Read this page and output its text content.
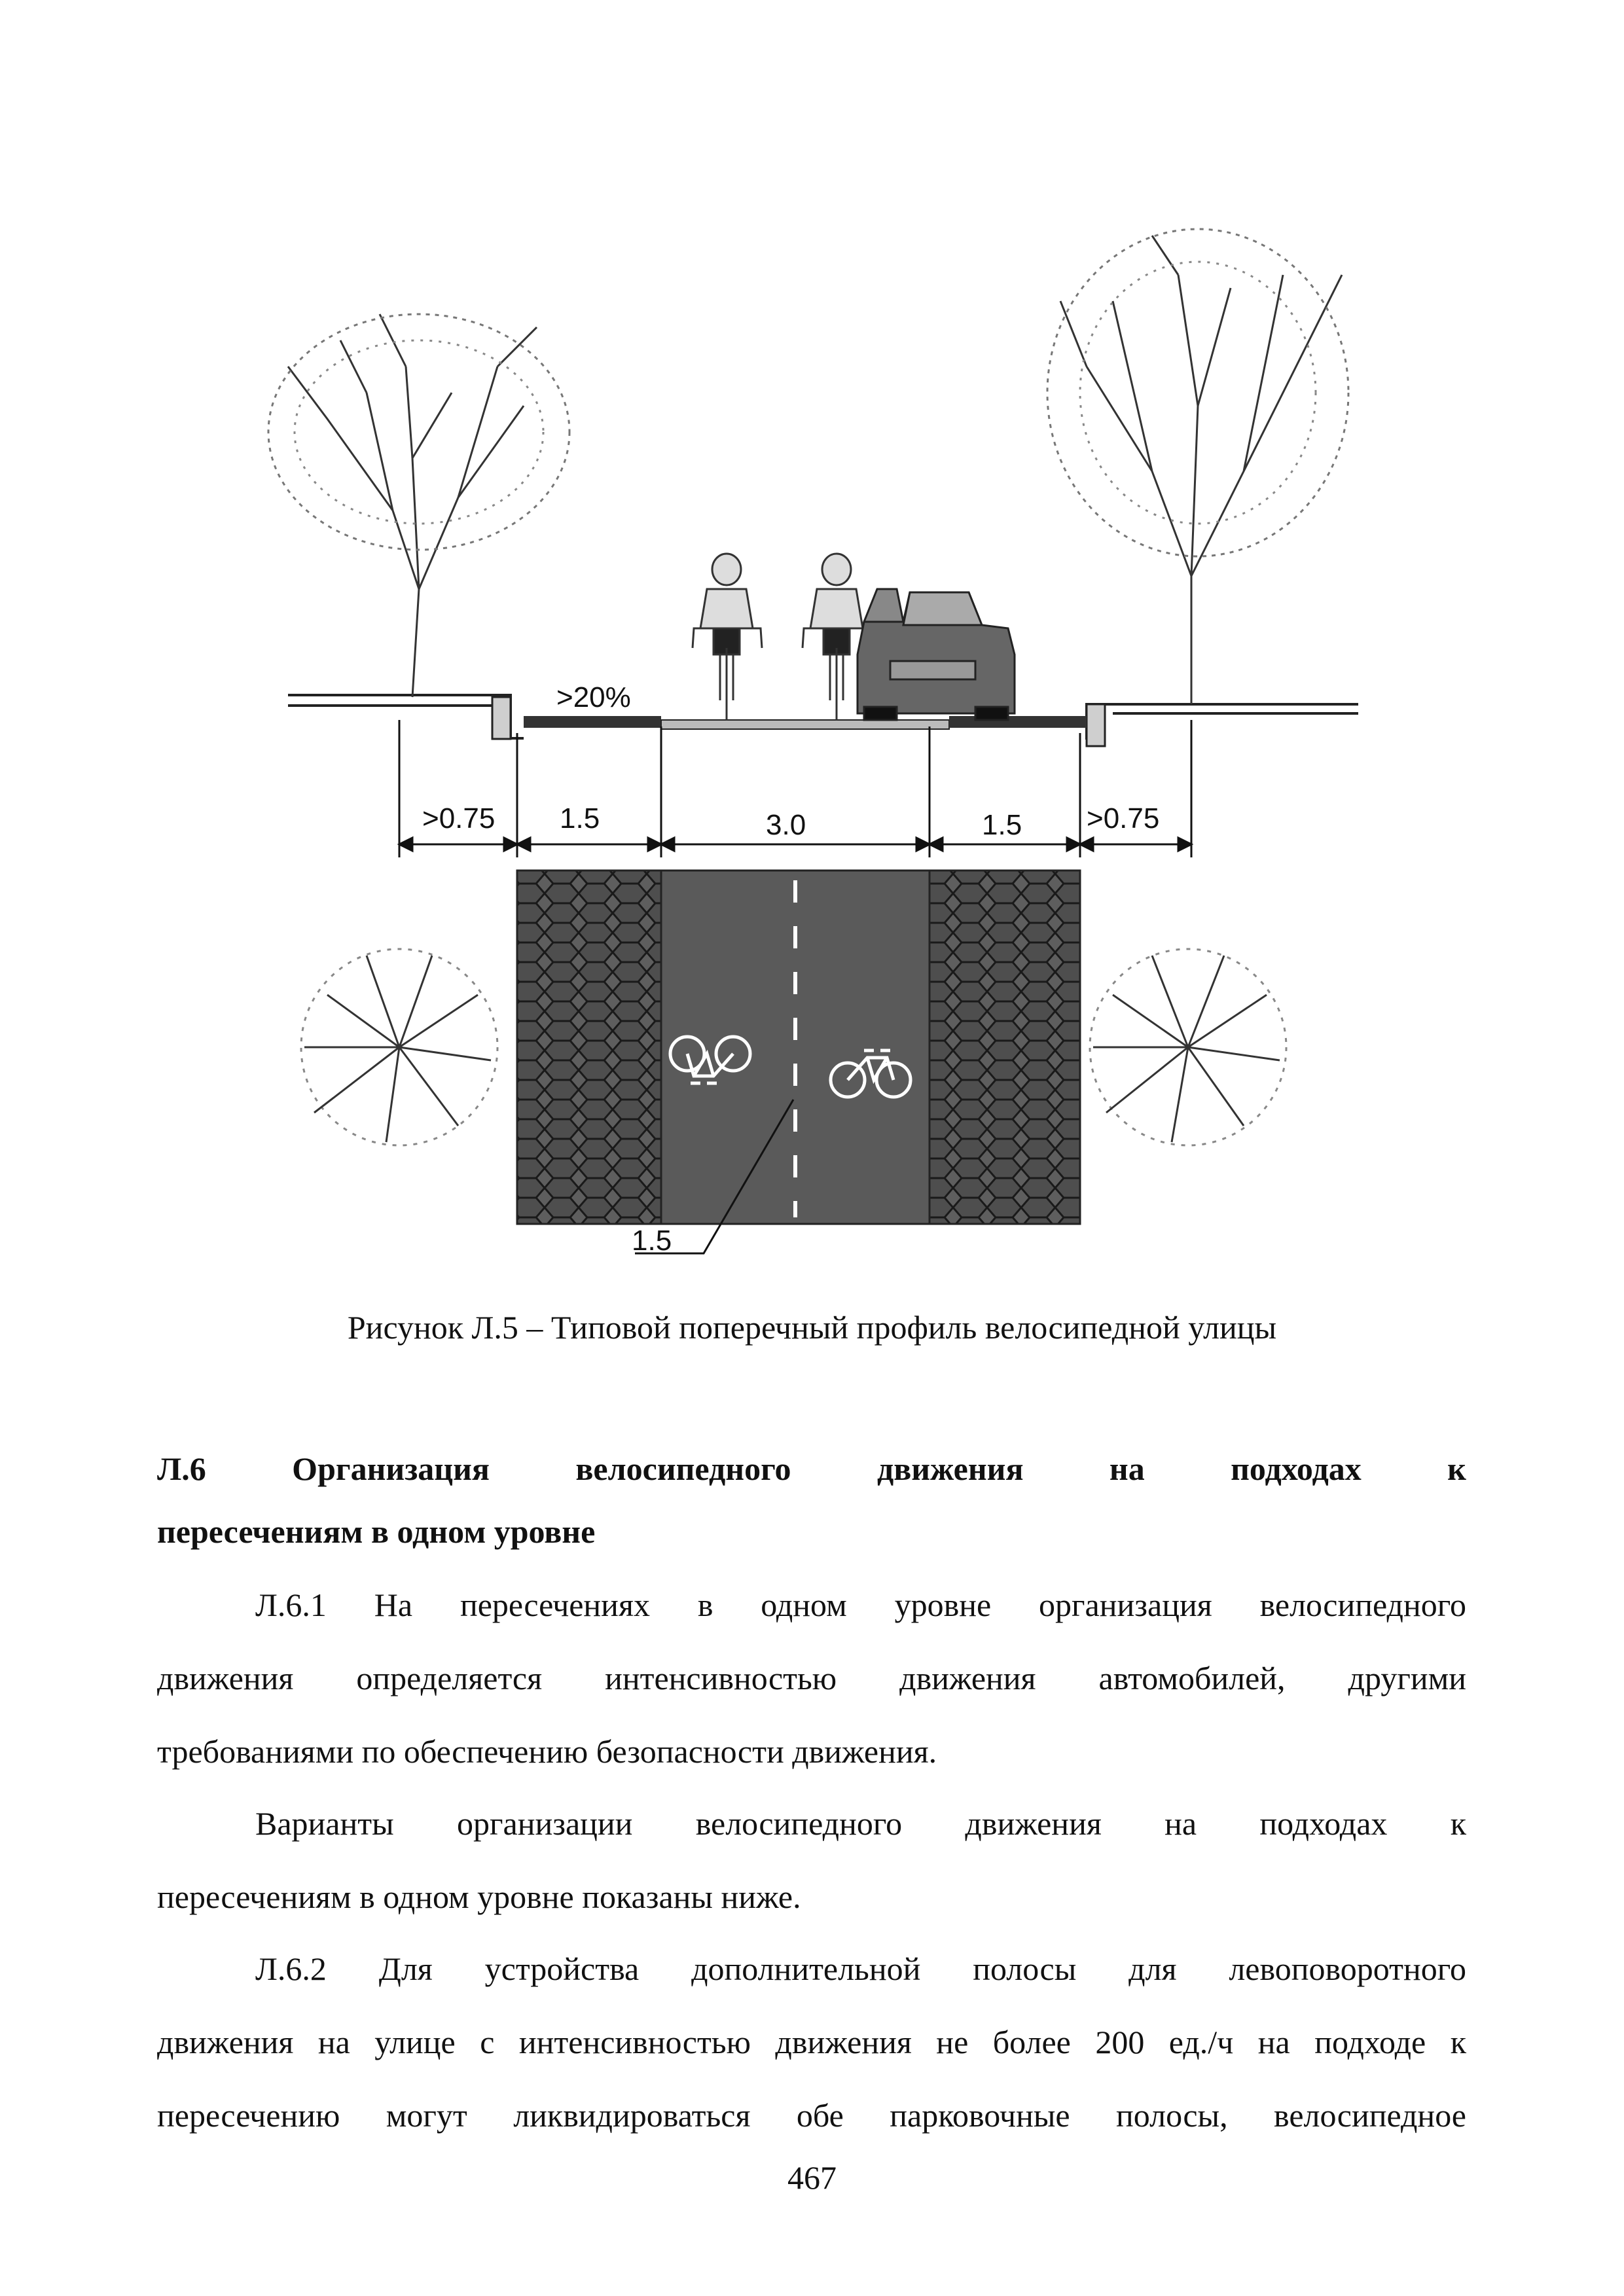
>20%
>0.75 1.5	3.0	1.5 >0.75
1.5
Рисунок Л.5 – Типовой поперечный профиль велосипедной улицы
Л.6	Организация	велосипедного	движения	на	подходах	к
пересечениям в одном уровне
Л.6.1 На пересечениях в одном уровне организация велосипедного
движения определяется интенсивностью движения автомобилей, другими
требованиями по обеспечению безопасности движения.
Варианты организации велосипедного движения на подходах к
пересечениям в одном уровне показаны ниже.
Л.6.2 Для устройства дополнительной полосы для левоповоротного
движения на улице с интенсивностью движения не более 200 ед./ч на подходе к
пересечению могут ликвидироваться обе парковочные полосы, велосипедное
467
